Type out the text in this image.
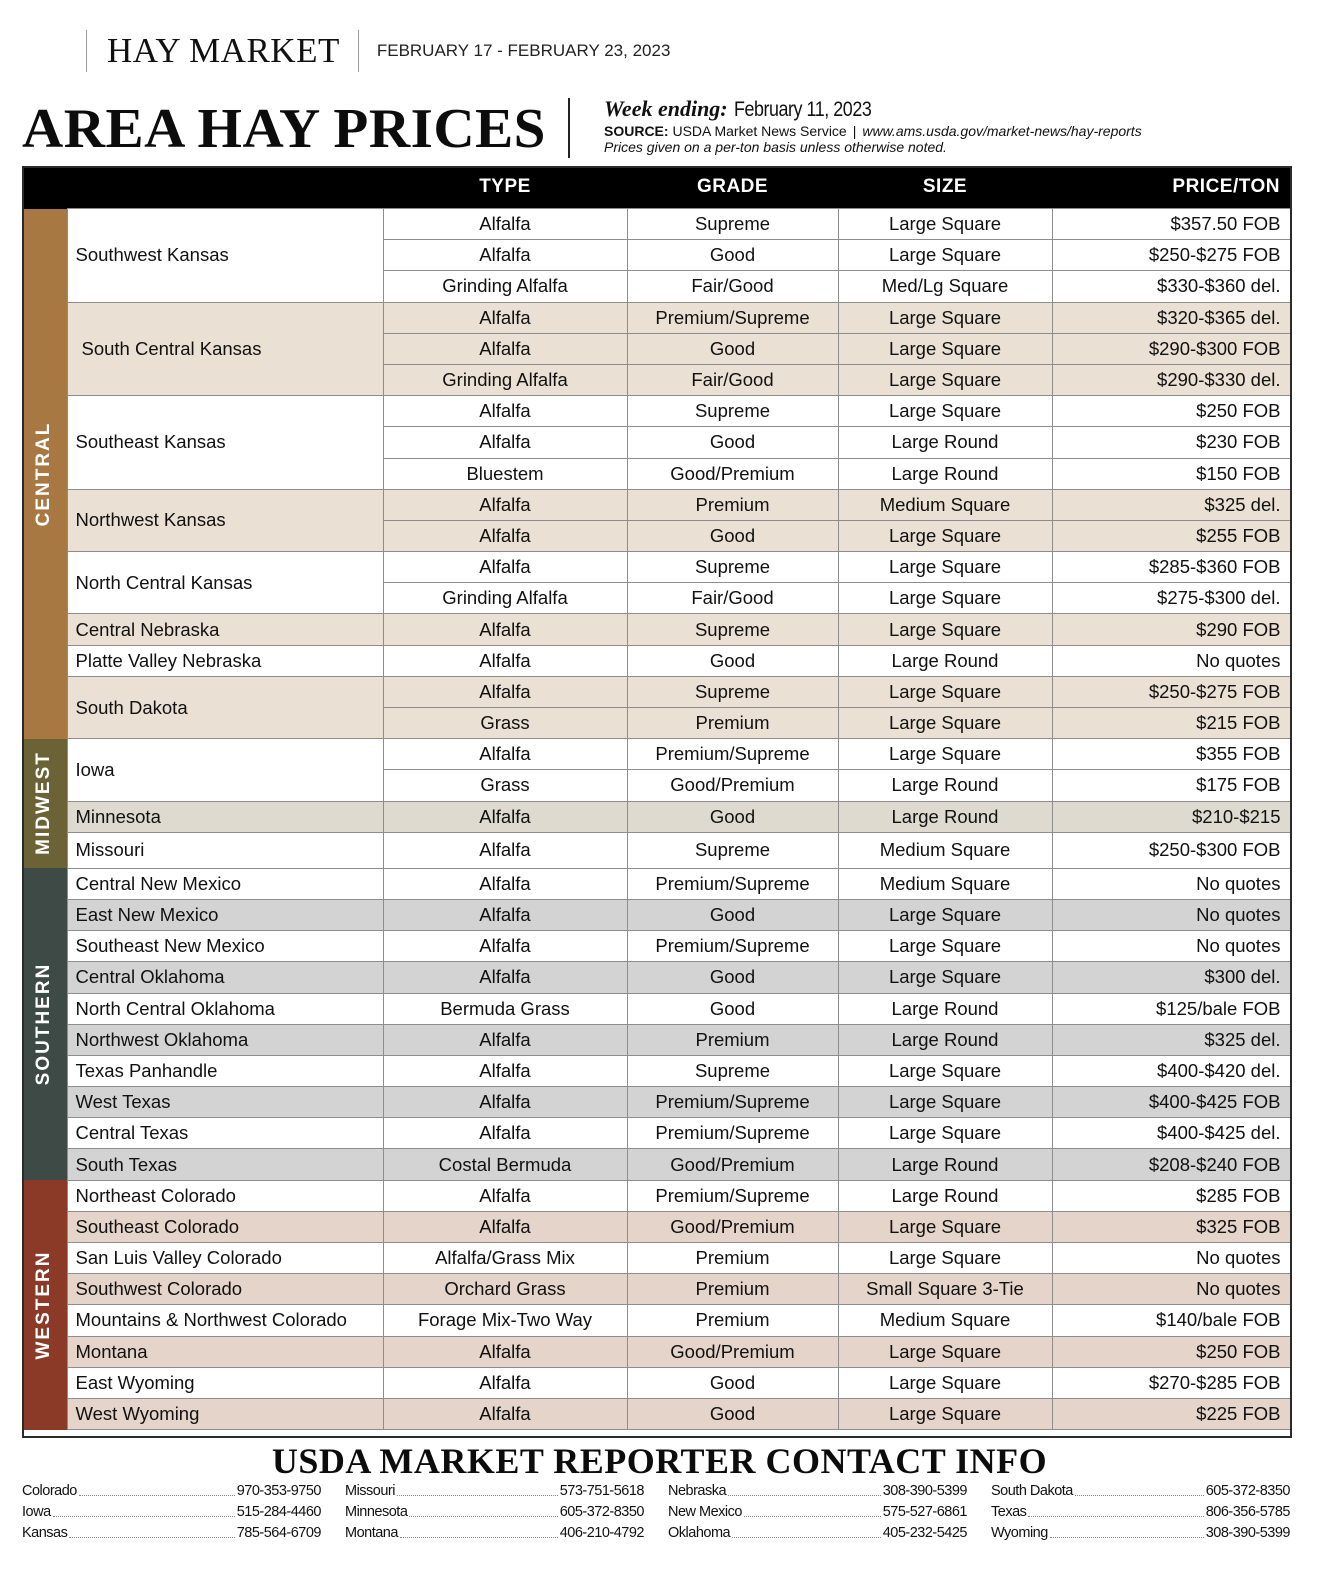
HAY MARKET	FEBRUARY 17 - FEBRUARY 23, 2023
AREA HAY PRICES	Week ending: February 11, 2023
SOURCE: USDA Market News Service | www.ams.usda.gov/market-news/hay-reports
Prices given on a per-ton basis unless otherwise noted.
		TYPE	GRADE	SIZE	PRICE/TON

CENTRAL	Southwest Kansas	Alfalfa	Supreme	Large Square	$357.50 FOB
		Alfalfa	Good	Large Square	$250-$275 FOB
		Grinding Alfalfa	Fair/Good	Med/Lg Square	$330-$360 del.
	South Central Kansas	Alfalfa	Premium/Supreme	Large Square	$320-$365 del.
		Alfalfa	Good	Large Square	$290-$300 FOB
		Grinding Alfalfa	Fair/Good	Large Square	$290-$330 del.
	Southeast Kansas	Alfalfa	Supreme	Large Square	$250 FOB
		Alfalfa	Good	Large Round	$230 FOB
		Bluestem	Good/Premium	Large Round	$150 FOB
	Northwest Kansas	Alfalfa	Premium	Medium Square	$325 del.
		Alfalfa	Good	Large Square	$255 FOB
	North Central Kansas	Alfalfa	Supreme	Large Square	$285-$360 FOB
		Grinding Alfalfa	Fair/Good	Large Square	$275-$300 del.
	Central Nebraska	Alfalfa	Supreme	Large Square	$290 FOB
	Platte Valley Nebraska	Alfalfa	Good	Large Round	No quotes
	South Dakota	Alfalfa	Supreme	Large Square	$250-$275 FOB
		Grass	Premium	Large Square	$215 FOB

MIDWEST	Iowa	Alfalfa	Premium/Supreme	Large Square	$355 FOB
		Grass	Good/Premium	Large Round	$175 FOB
	Minnesota	Alfalfa	Good	Large Round	$210-$215
	Missouri	Alfalfa	Supreme	Medium Square	$250-$300 FOB

SOUTHERN	Central New Mexico	Alfalfa	Premium/Supreme	Medium Square	No quotes
	East New Mexico	Alfalfa	Good	Large Square	No quotes
	Southeast New Mexico	Alfalfa	Premium/Supreme	Large Square	No quotes
	Central Oklahoma	Alfalfa	Good	Large Square	$300 del.
	North Central Oklahoma	Bermuda Grass	Good	Large Round	$125/bale FOB
	Northwest Oklahoma	Alfalfa	Premium	Large Round	$325 del.
	Texas Panhandle	Alfalfa	Supreme	Large Square	$400-$420 del.
	West Texas	Alfalfa	Premium/Supreme	Large Square	$400-$425 FOB
	Central Texas	Alfalfa	Premium/Supreme	Large Square	$400-$425 del.
	South Texas	Costal Bermuda	Good/Premium	Large Round	$208-$240 FOB

WESTERN	Northeast Colorado	Alfalfa	Premium/Supreme	Large Round	$285 FOB
	Southeast Colorado	Alfalfa	Good/Premium	Large Square	$325 FOB
	San Luis Valley Colorado	Alfalfa/Grass Mix	Premium	Large Square	No quotes
	Southwest Colorado	Orchard Grass	Premium	Small Square 3-Tie	No quotes
	Mountains & Northwest Colorado	Forage Mix-Two Way	Premium	Medium Square	$140/bale FOB
	Montana	Alfalfa	Good/Premium	Large Square	$250 FOB
	East Wyoming	Alfalfa	Good	Large Square	$270-$285 FOB
	West Wyoming	Alfalfa	Good	Large Square	$225 FOB
USDA MARKET REPORTER CONTACT INFO
Colorado	970-353-9750
Iowa	515-284-4460
Kansas	785-564-6709
Missouri	573-751-5618
Minnesota	605-372-8350
Montana	406-210-4792
Nebraska	308-390-5399
New Mexico	575-527-6861
Oklahoma	405-232-5425
South Dakota	605-372-8350
Texas	806-356-5785
Wyoming	308-390-5399
